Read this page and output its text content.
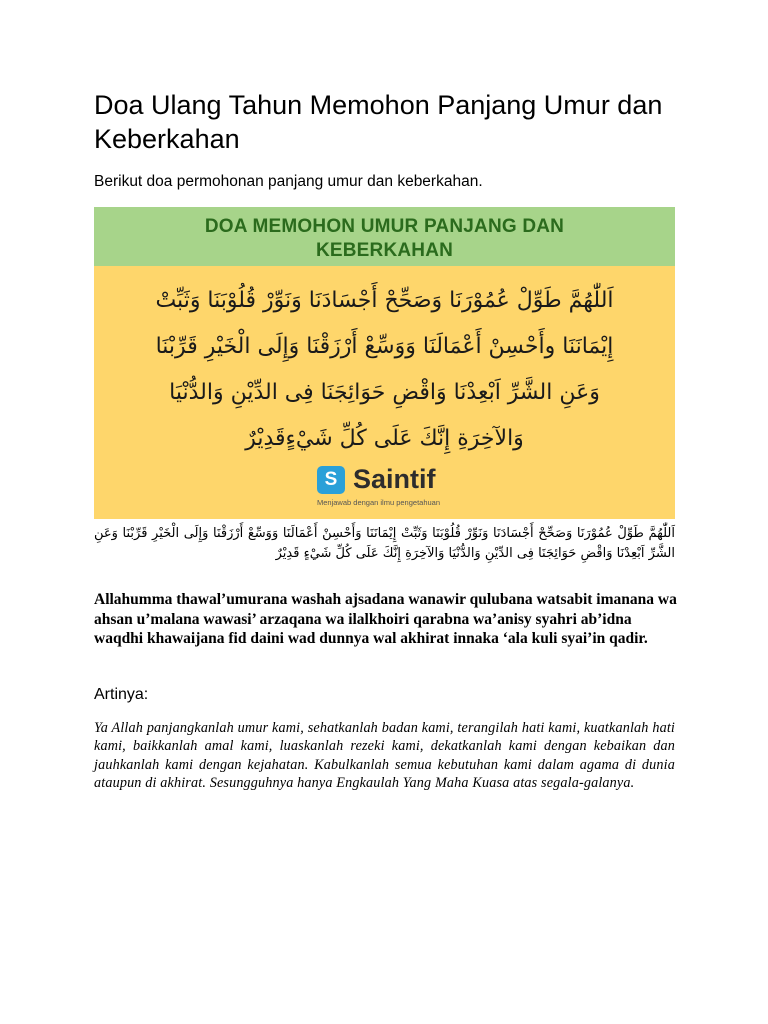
Doa Ulang Tahun Memohon Panjang Umur dan Keberkahan

Berikut doa permohonan panjang umur dan keberkahan.

DOA MEMOHON UMUR PANJANG DAN
KEBERKAHAN
اَللّٰهُمَّ طَوِّلْ عُمُوْرَنَا وَصَحِّحْ أَجْسَادَنَا وَنَوِّرْ قُلُوْبَنَا وَثَبِّتْ
إِيْمَانَنَا وأَحْسِنْ أَعْمَالَنَا وَوَسِّعْ أَرْزَقْنَا وَإِلَى الْخَيْرِ قَرِّبْنَا
وَعَنِ الشَّرِّ اَبْعِدْنَا وَاقْضِ حَوَائِجَنَا فِى الدِّيْنِ وَالدُّنْيَا
وَالآخِرَةِ إِنَّكَ عَلَى كُلِّ شَيْءٍقَدِيْرٌ
S Saintif
Menjawab dengan ilmu pengetahuan

اَللّٰهُمَّ طَوِّلْ عُمُوْرَنَا وَصَحِّحْ أَجْسَادَنَا وَنَوِّرْ قُلُوْبَنَا وَثَبِّتْ إِيْمَانَنَا وَأَحْسِنْ أَعْمَالَنَا وَوَسِّعْ أَرْزَقْنَا وَإِلَى الْخَيْرِ قَرِّبْنَا وَعَنِ الشَّرِّ اَبْعِدْنَا وَاقْضِ حَوَائِجَنَا فِى الدِّيْنِ وَالدُّنْيَا وَالآخِرَةِ إِنَّكَ عَلَى كُلِّ شَيْءٍ قَدِيْرٌ

Allahumma thawal’umurana washah ajsadana wanawir qulubana watsabit imanana wa ahsan u’malana wawasi’ arzaqana wa ilalkhoiri qarabna wa’anisy syahri ab’idna waqdhi khawaijana fid daini wad dunnya wal akhirat innaka ‘ala kuli syai’in qadir.

Artinya:

Ya Allah panjangkanlah umur kami, sehatkanlah badan kami, terangilah hati kami, kuatkanlah hati kami, baikkanlah amal kami, luaskanlah rezeki kami, dekatkanlah kami dengan kebaikan dan jauhkanlah kami dengan kejahatan. Kabulkanlah semua kebutuhan kami dalam agama di dunia ataupun di akhirat. Sesungguhnya hanya Engkaulah Yang Maha Kuasa atas segala-galanya.
